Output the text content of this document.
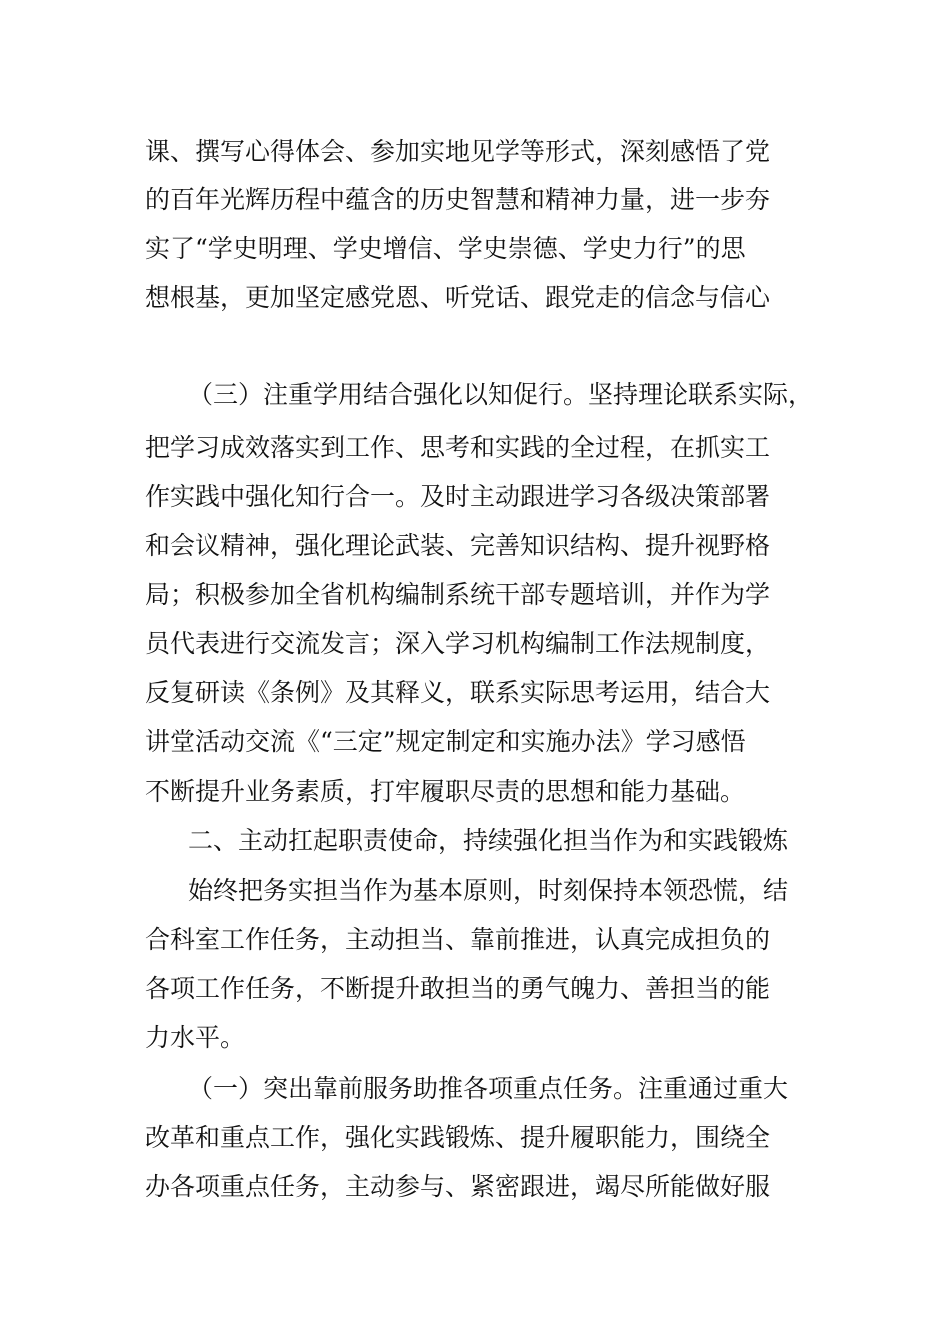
课、撰写心得体会、参加实地见学等形式，深刻感悟了党
的百年光辉历程中蕴含的历史智慧和精神力量，进一步夯
实了“学史明理、学史增信、学史崇德、学史力行”的思
想根基，更加坚定感党恩、听党话、跟党走的信念与信心
（三）注重学用结合强化以知促行。坚持理论联系实际，
把学习成效落实到工作、思考和实践的全过程，在抓实工
作实践中强化知行合一。及时主动跟进学习各级决策部署
和会议精神，强化理论武装、完善知识结构、提升视野格
局；积极参加全省机构编制系统干部专题培训，并作为学
员代表进行交流发言；深入学习机构编制工作法规制度，
反复研读《条例》及其释义，联系实际思考运用，结合大
讲堂活动交流《“三定”规定制定和实施办法》学习感悟
不断提升业务素质，打牢履职尽责的思想和能力基础。
二、主动扛起职责使命，持续强化担当作为和实践锻炼
始终把务实担当作为基本原则，时刻保持本领恐慌，结
合科室工作任务，主动担当、靠前推进，认真完成担负的
各项工作任务，不断提升敢担当的勇气魄力、善担当的能
力水平。
（一）突出靠前服务助推各项重点任务。注重通过重大
改革和重点工作，强化实践锻炼、提升履职能力，围绕全
办各项重点任务，主动参与、紧密跟进，竭尽所能做好服
